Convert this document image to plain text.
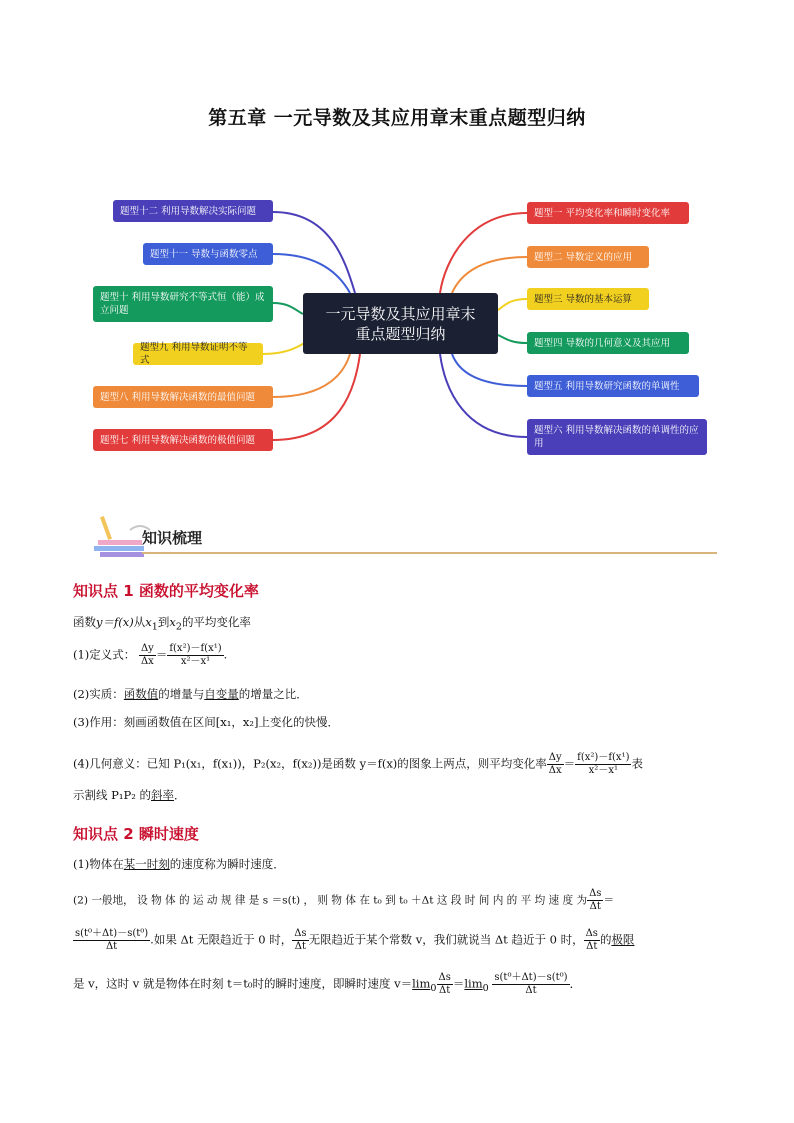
第五章 一元导数及其应用章末重点题型归纳
一元导数及其应用章末
重点题型归纳
题型十二 利用导数解决实际问题
题型十一 导数与函数零点
题型十 利用导数研究不等式恒（能）成立问题
题型九 利用导数证明不等式
题型八 利用导数解决函数的最值问题
题型七 利用导数解决函数的极值问题
题型一 平均变化率和瞬时变化率
题型二 导数定义的应用
题型三 导数的基本运算
题型四 导数的几何意义及其应用
题型五 利用导数研究函数的单调性
题型六 利用导数解决函数的单调性的应用
知识梳理
知识点 1 函数的平均变化率
函数y＝f(x)从$x_1$到$x_2$的平均变化率
(1)定义式： $\frac{\Delta y}{\Delta x} = \frac{\text{f(x²)－f(x¹)}}{\text{x²－x¹}}$ .
(2)实质：函数值的增量与自变量的增量之比．
(3)作用：刻画函数值在区间[x₁，x₂]上变化的快慢．
(4)几何意义：已知 P₁(x₁，f(x₁))，P₂(x₂，f(x₂))是函数 y＝f(x)的图象上两点，则平均变化率 $\frac{\Delta y}{\Delta x} = \frac{\text{f(x²)－f(x¹)}}{\text{x²－x¹}}$ 表
示割线 P₁P₂ 的斜率．
知识点 2 瞬时速度
(1)物体在某一时刻的速度称为瞬时速度．
(2) 一般地， 设 物 体 的 运 动 规 律 是 s ＝s(t) ， 则 物 体 在 t₀ 到 t₀ ＋Δt 这 段 时 间 内 的 平 均 速 度 为 $\frac{\Delta s}{\Delta t}$ ＝
$\frac{\text{s(t⁰＋Δt)－s(t⁰)}}{\Delta t}$ .如果 Δt 无限趋近于 0 时， $\frac{\Delta s}{\Delta t}$ 无限趋近于某个常数 v，我们就说当 Δt 趋近于 0 时， $\frac{\Delta s}{\Delta t}$ 的极限
是 v，这时 v 就是物体在时刻 t＝t₀时的瞬时速度，即瞬时速度 $v=\lim_0 \frac{\Delta s}{\Delta t} =\lim_0 \frac{\text{s(t⁰＋Δt)－s(t⁰)}}{\Delta t}$ ．
